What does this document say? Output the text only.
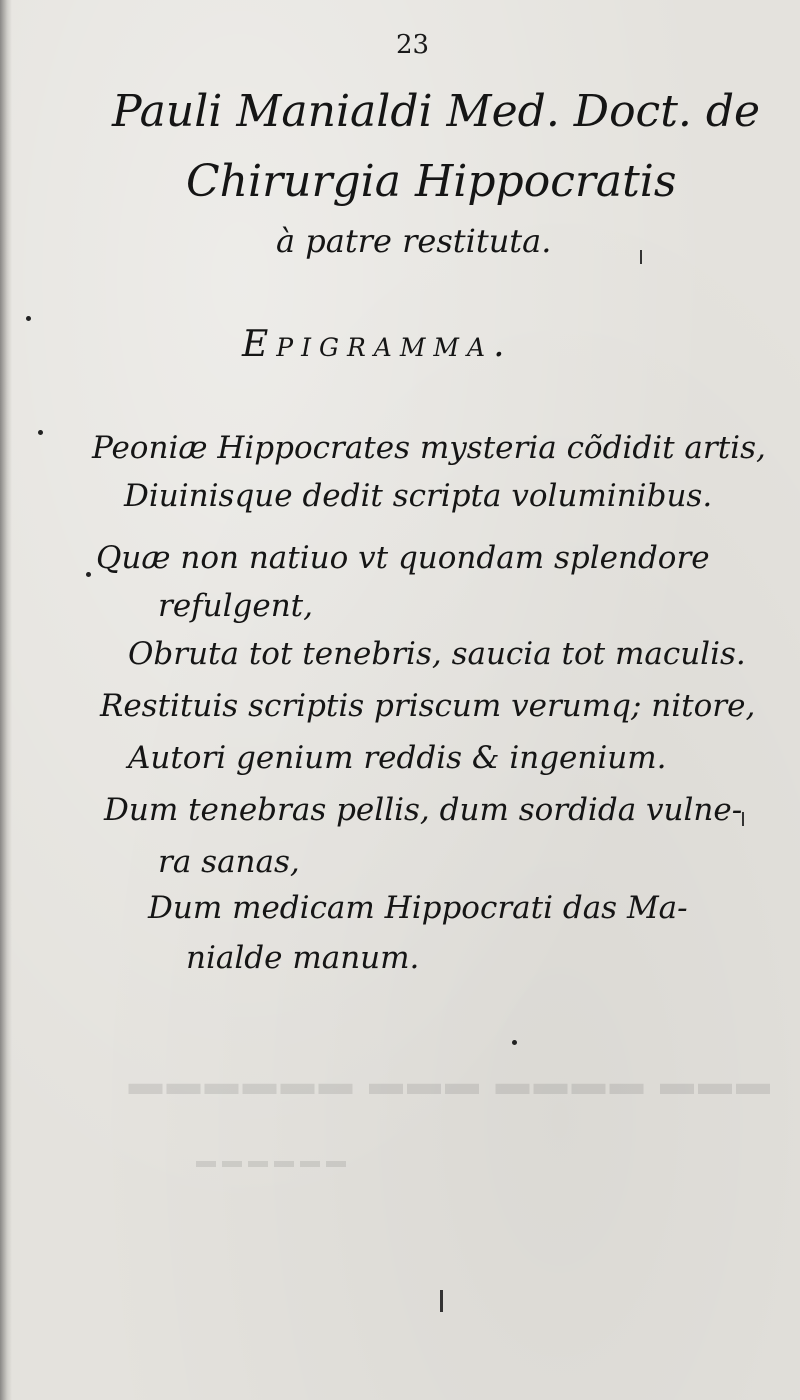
▬▬▬ ▬▬▬▬ ▬▬▬ ▬▬▬▬▬▬
▬▬▬▬▬▬
23
Pauli Manialdi Med. Doct. de
Chirurgia Hippocratis
à patre restituta.
Epigramma.
Peoniæ Hippocrates mysteria cõdidit artis,
Diuinisque dedit scripta voluminibus.
Quæ non natiuo vt quondam splendore
refulgent,
Obruta tot tenebris, saucia tot maculis.
Restituis scriptis priscum verumq; nitore,
Autori genium reddis & ingenium.
Dum tenebras pellis, dum sordida vulne-
ra sanas,
Dum medicam Hippocrati das Ma-
nialde manum.
